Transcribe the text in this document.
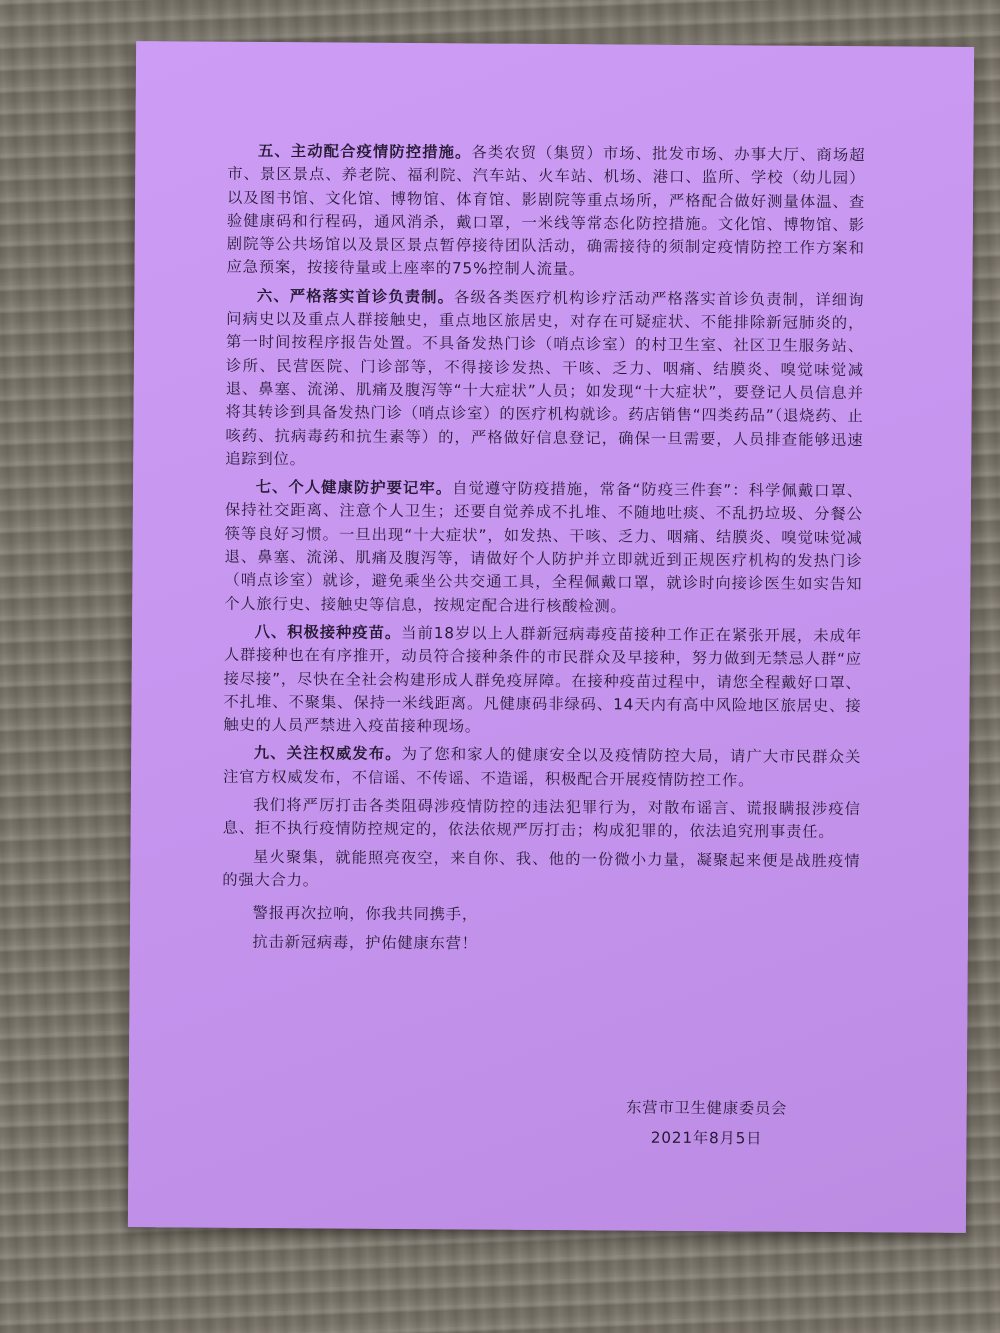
五、主动配合疫情防控措施。各类农贸（集贸）市场、批发市场、办事大厅、商场超市、景区景点、养老院、福利院、汽车站、火车站、机场、港口、监所、学校（幼儿园）以及图书馆、文化馆、博物馆、体育馆、影剧院等重点场所，严格配合做好测量体温、查验健康码和行程码，通风消杀，戴口罩，一米线等常态化防控措施。文化馆、博物馆、影剧院等公共场馆以及景区景点暂停接待团队活动，确需接待的须制定疫情防控工作方案和应急预案，按接待量或上座率的75%控制人流量。

六、严格落实首诊负责制。各级各类医疗机构诊疗活动严格落实首诊负责制，详细询问病史以及重点人群接触史，重点地区旅居史，对存在可疑症状、不能排除新冠肺炎的，第一时间按程序报告处置。不具备发热门诊（哨点诊室）的村卫生室、社区卫生服务站、诊所、民营医院、门诊部等，不得接诊发热、干咳、乏力、咽痛、结膜炎、嗅觉味觉减退、鼻塞、流涕、肌痛及腹泻等“十大症状”人员；如发现“十大症状”，要登记人员信息并将其转诊到具备发热门诊（哨点诊室）的医疗机构就诊。药店销售“四类药品”（退烧药、止咳药、抗病毒药和抗生素等）的，严格做好信息登记，确保一旦需要，人员排查能够迅速追踪到位。

七、个人健康防护要记牢。自觉遵守防疫措施，常备“防疫三件套”：科学佩戴口罩、保持社交距离、注意个人卫生；还要自觉养成不扎堆、不随地吐痰、不乱扔垃圾、分餐公筷等良好习惯。一旦出现“十大症状”，如发热、干咳、乏力、咽痛、结膜炎、嗅觉味觉减退、鼻塞、流涕、肌痛及腹泻等，请做好个人防护并立即就近到正规医疗机构的发热门诊（哨点诊室）就诊，避免乘坐公共交通工具，全程佩戴口罩，就诊时向接诊医生如实告知个人旅行史、接触史等信息，按规定配合进行核酸检测。

八、积极接种疫苗。当前18岁以上人群新冠病毒疫苗接种工作正在紧张开展，未成年人群接种也在有序推开，动员符合接种条件的市民群众及早接种，努力做到无禁忌人群“应接尽接”，尽快在全社会构建形成人群免疫屏障。在接种疫苗过程中，请您全程戴好口罩、不扎堆、不聚集、保持一米线距离。凡健康码非绿码、14天内有高中风险地区旅居史、接触史的人员严禁进入疫苗接种现场。

九、关注权威发布。为了您和家人的健康安全以及疫情防控大局，请广大市民群众关注官方权威发布，不信谣、不传谣、不造谣，积极配合开展疫情防控工作。

我们将严厉打击各类阻碍涉疫情防控的违法犯罪行为，对散布谣言、谎报瞒报涉疫信息、拒不执行疫情防控规定的，依法依规严厉打击；构成犯罪的，依法追究刑事责任。

星火聚集，就能照亮夜空，来自你、我、他的一份微小力量，凝聚起来便是战胜疫情的强大合力。

警报再次拉响，你我共同携手，

抗击新冠病毒，护佑健康东营！

东营市卫生健康委员会
2021年8月5日
